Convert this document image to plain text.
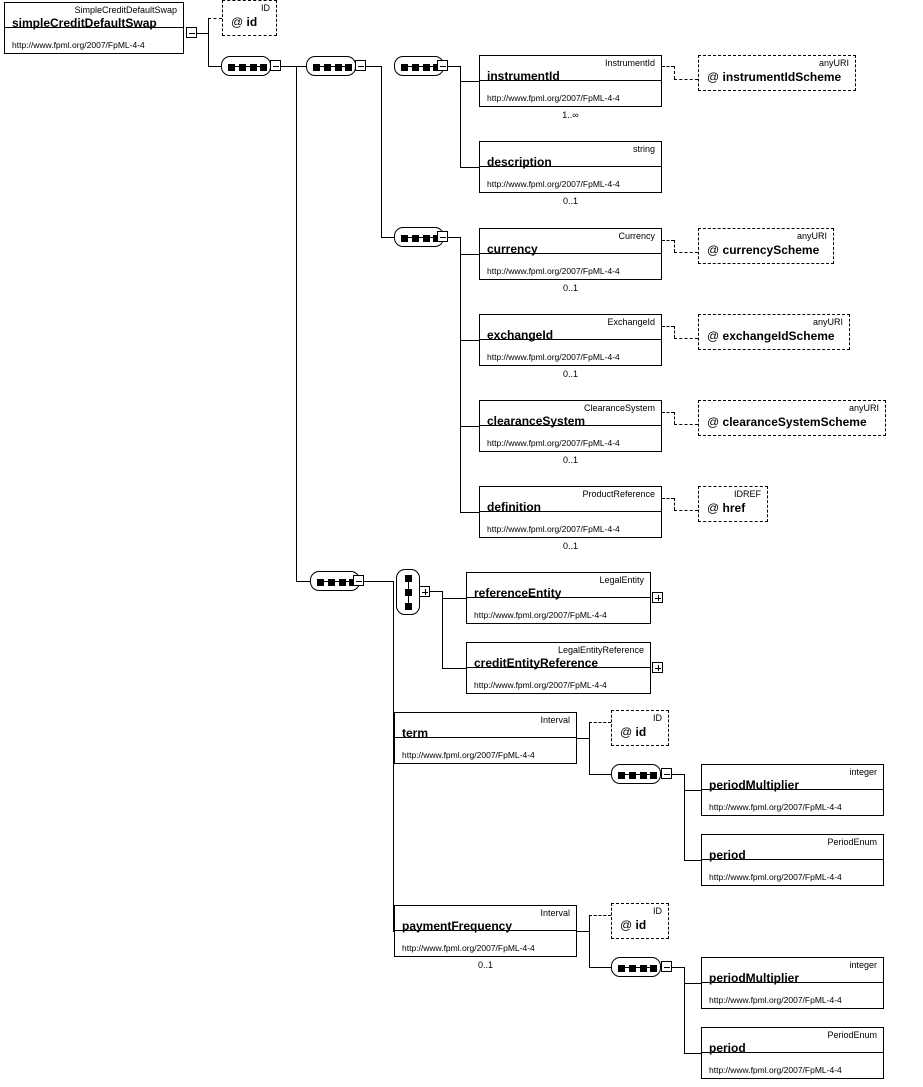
SimpleCreditDefaultSwap
simpleCreditDefaultSwap
http://www.fpml.org/2007/FpML-4-4
ID
@ id
InstrumentId
instrumentId
http://www.fpml.org/2007/FpML-4-4
1..∞
anyURI
@ instrumentIdScheme
string
description
http://www.fpml.org/2007/FpML-4-4
0..1
Currency
currency
http://www.fpml.org/2007/FpML-4-4
0..1
anyURI
@ currencyScheme
ExchangeId
exchangeId
http://www.fpml.org/2007/FpML-4-4
0..1
anyURI
@ exchangeIdScheme
ClearanceSystem
clearanceSystem
http://www.fpml.org/2007/FpML-4-4
0..1
anyURI
@ clearanceSystemScheme
ProductReference
definition
http://www.fpml.org/2007/FpML-4-4
0..1
IDREF
@ href
LegalEntity
referenceEntity
http://www.fpml.org/2007/FpML-4-4
LegalEntityReference
creditEntityReference
http://www.fpml.org/2007/FpML-4-4
Interval
term
http://www.fpml.org/2007/FpML-4-4
ID
@ id
integer
periodMultiplier
http://www.fpml.org/2007/FpML-4-4
PeriodEnum
period
http://www.fpml.org/2007/FpML-4-4
Interval
paymentFrequency
http://www.fpml.org/2007/FpML-4-4
0..1
ID
@ id
integer
periodMultiplier
http://www.fpml.org/2007/FpML-4-4
PeriodEnum
period
http://www.fpml.org/2007/FpML-4-4
